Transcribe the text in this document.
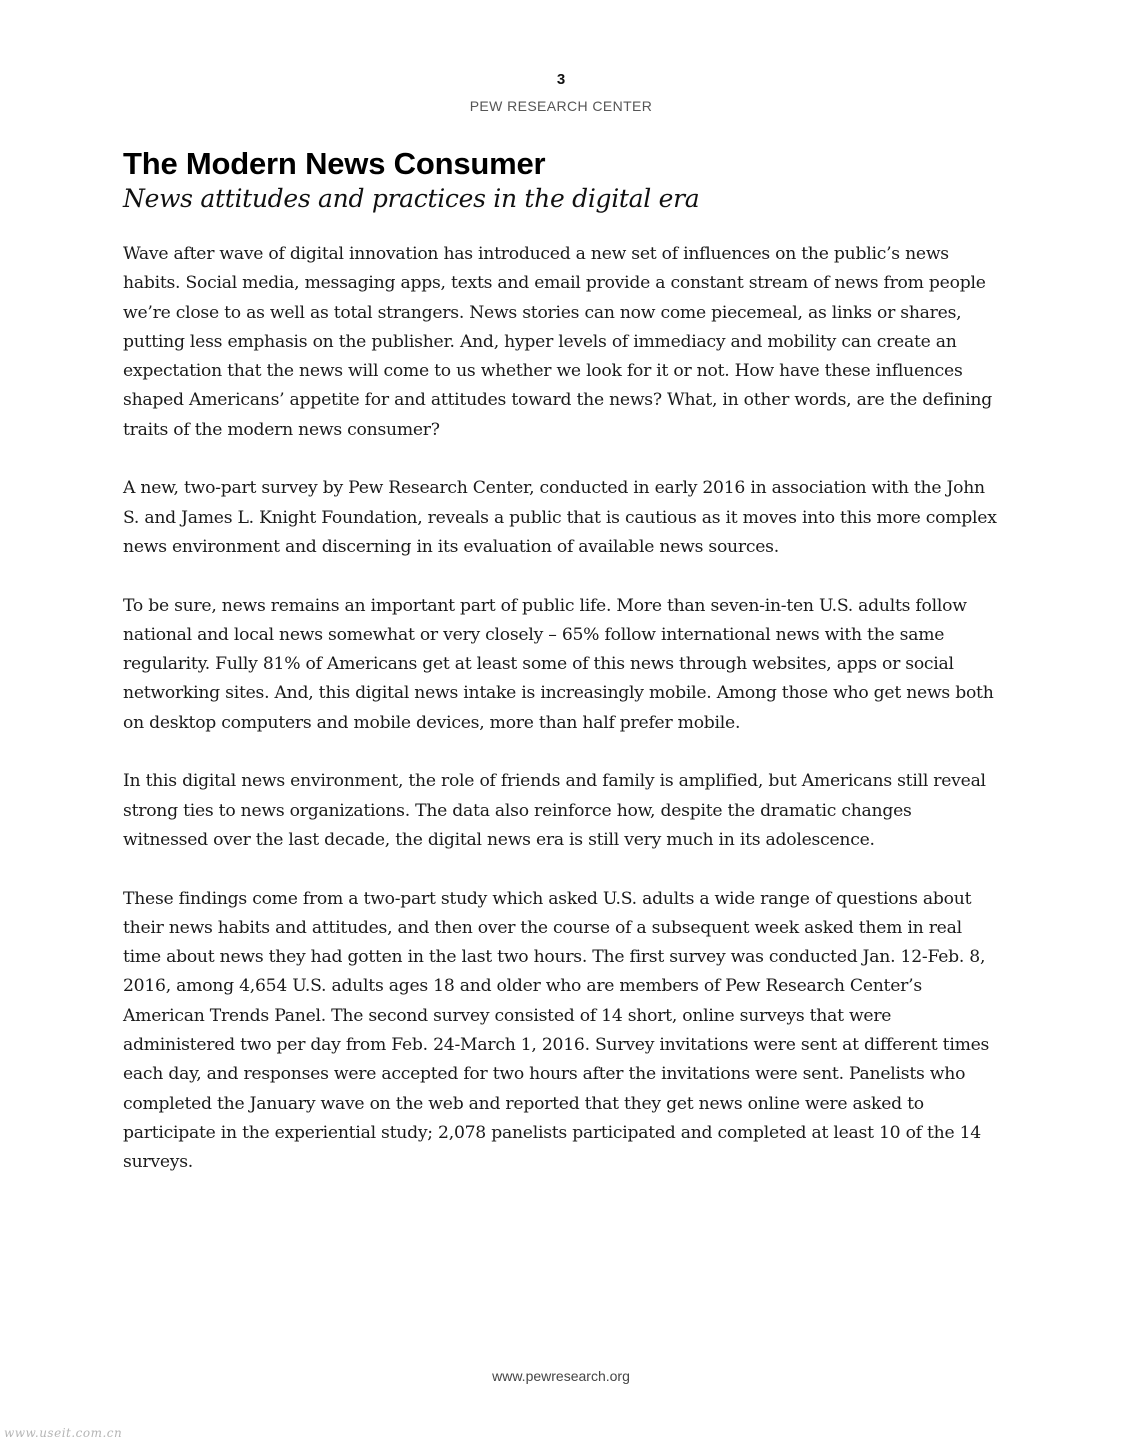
3
PEW RESEARCH CENTER
The Modern News Consumer
News attitudes and practices in the digital era

Wave after wave of digital innovation has introduced a new set of influences on the public’s news habits. Social media, messaging apps, texts and email provide a constant stream of news from people we’re close to as well as total strangers. News stories can now come piecemeal, as links or shares, putting less emphasis on the publisher. And, hyper levels of immediacy and mobility can create an expectation that the news will come to us whether we look for it or not. How have these influences shaped Americans’ appetite for and attitudes toward the news? What, in other words, are the defining traits of the modern news consumer?

A new, two-part survey by Pew Research Center, conducted in early 2016 in association with the John S. and James L. Knight Foundation, reveals a public that is cautious as it moves into this more complex news environment and discerning in its evaluation of available news sources.

To be sure, news remains an important part of public life. More than seven-in-ten U.S. adults follow national and local news somewhat or very closely – 65% follow international news with the same regularity. Fully 81% of Americans get at least some of this news through websites, apps or social networking sites. And, this digital news intake is increasingly mobile. Among those who get news both on desktop computers and mobile devices, more than half prefer mobile.

In this digital news environment, the role of friends and family is amplified, but Americans still reveal strong ties to news organizations. The data also reinforce how, despite the dramatic changes witnessed over the last decade, the digital news era is still very much in its adolescence.

These findings come from a two-part study which asked U.S. adults a wide range of questions about their news habits and attitudes, and then over the course of a subsequent week asked them in real time about news they had gotten in the last two hours. The first survey was conducted Jan. 12-Feb. 8, 2016, among 4,654 U.S. adults ages 18 and older who are members of Pew Research Center’s American Trends Panel. The second survey consisted of 14 short, online surveys that were administered two per day from Feb. 24-March 1, 2016. Survey invitations were sent at different times each day, and responses were accepted for two hours after the invitations were sent. Panelists who completed the January wave on the web and reported that they get news online were asked to participate in the experiential study; 2,078 panelists participated and completed at least 10 of the 14 surveys.

www.pewresearch.org
www.useit.com.cn
